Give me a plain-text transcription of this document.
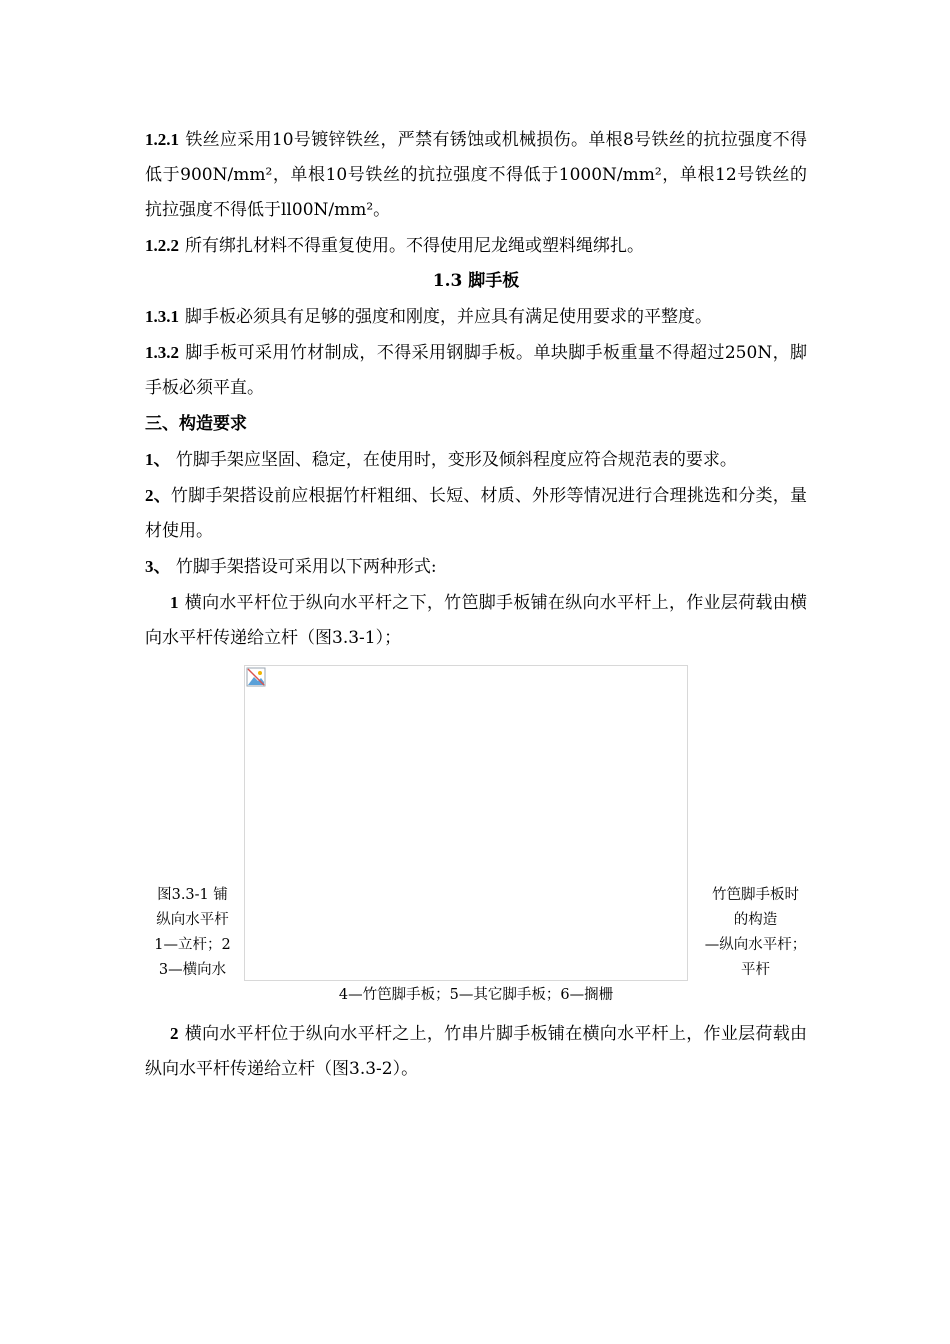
1.2.1 铁丝应采用10号镀锌铁丝，严禁有锈蚀或机械损伤。单根8号铁丝的抗拉强度不得低于900N/mm²，单根10号铁丝的抗拉强度不得低于1000N/mm²，单根12号铁丝的抗拉强度不得低于ll00N/mm²。

1.2.2 所有绑扎材料不得重复使用。不得使用尼龙绳或塑料绳绑扎。

1.3 脚手板

1.3.1 脚手板必须具有足够的强度和刚度，并应具有满足使用要求的平整度。

1.3.2 脚手板可采用竹材制成，不得采用钢脚手板。单块脚手板重量不得超过250N，脚手板必须平直。

三、构造要求

1、 竹脚手架应坚固、稳定，在使用时，变形及倾斜程度应符合规范表的要求。

2、竹脚手架搭设前应根据竹杆粗细、长短、材质、外形等情况进行合理挑选和分类，量材使用。

3、 竹脚手架搭设可采用以下两种形式:

1 横向水平杆位于纵向水平杆之下，竹笆脚手板铺在纵向水平杆上，作业层荷载由横向水平杆传递给立杆（图3.3-1）；

图3.3-1 铺
纵向水平杆
1—立杆；2
3—横向水
竹笆脚手板时
的构造
—纵向水平杆；
平杆
4—竹笆脚手板；5—其它脚手板；6—搁栅

2 横向水平杆位于纵向水平杆之上，竹串片脚手板铺在横向水平杆上，作业层荷载由纵向水平杆传递给立杆（图3.3-2）。
